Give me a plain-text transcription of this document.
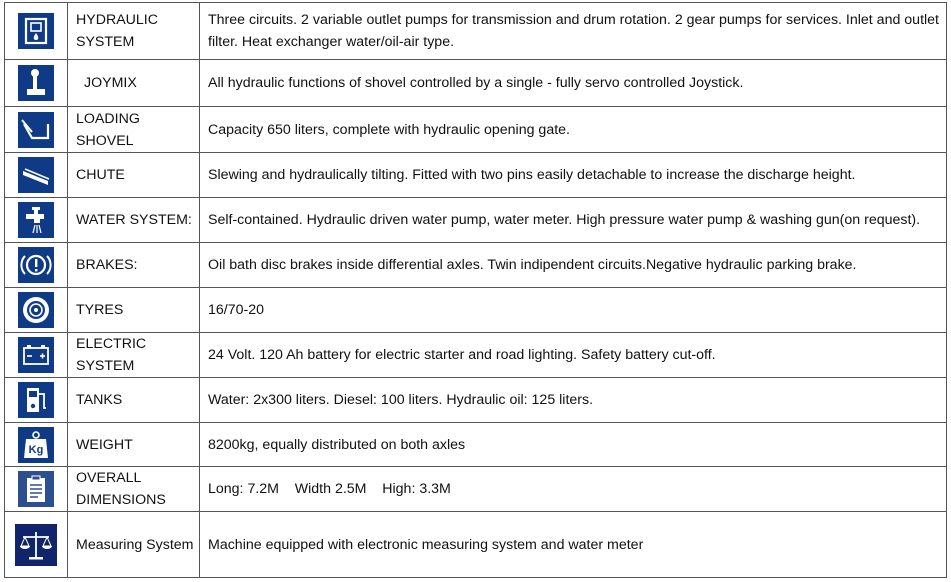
	HYDRAULIC SYSTEM	Three circuits. 2 variable outlet pumps for transmission and drum rotation. 2 gear pumps for services. Inlet and outlet filter. Heat exchanger water/oil-air type.

	JOYMIX	All hydraulic functions of shovel controlled by a single - fully servo controlled Joystick.

	LOADING SHOVEL	Capacity 650 liters, complete with hydraulic opening gate.

	CHUTE	Slewing and hydraulically tilting. Fitted with two pins easily detachable to increase the discharge height.

	WATER SYSTEM:	Self-contained. Hydraulic driven water pump, water meter. High pressure water pump & washing gun(on request).

	BRAKES:	Oil bath disc brakes inside differential axles. Twin indipendent circuits.Negative hydraulic parking brake.

	TYRES	16/70-20

	ELECTRIC SYSTEM	24 Volt. 120 Ah battery for electric starter and road lighting. Safety battery cut-off.

	TANKS	Water: 2x300 liters. Diesel: 100 liters. Hydraulic oil: 125 liters.

Kg	WEIGHT	8200kg, equally distributed on both axles

	OVERALL DIMENSIONS	Long: 7.2M    Width 2.5M    High: 3.3M

	Measuring System	Machine equipped with electronic measuring system and water meter
